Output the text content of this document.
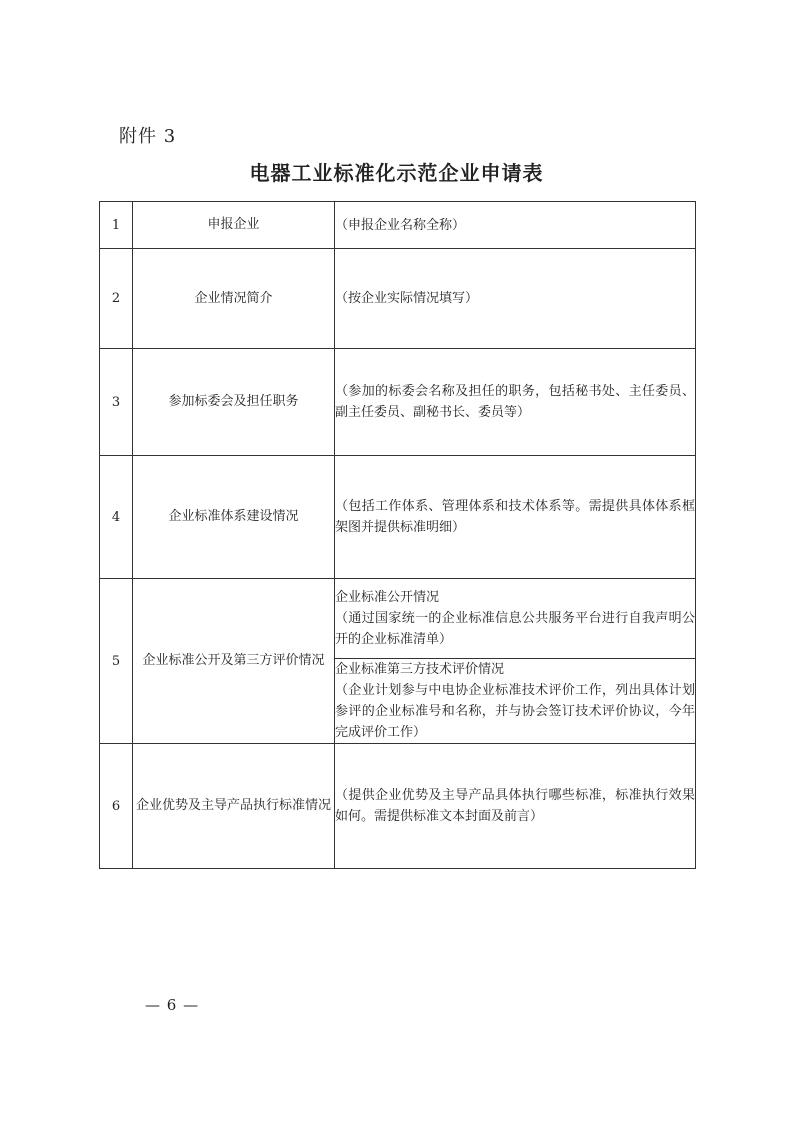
附件 3
电器工业标准化示范企业申请表
1	申报企业	（申报企业名称全称）
2	企业情况简介	（按企业实际情况填写）
3	参加标委会及担任职务	（参加的标委会名称及担任的职务，包括秘书处、主任委员、副主任委员、副秘书长、委员等）
4	企业标准体系建设情况	（包括工作体系、管理体系和技术体系等。需提供具体体系框架图并提供标准明细）
5	企业标准公开及第三方评价情况	企业标准公开情况
（通过国家统一的企业标准信息公共服务平台进行自我声明公开的企业标准清单）

		企业标准第三方技术评价情况
（企业计划参与中电协企业标准技术评价工作，列出具体计划参评的企业标准号和名称，并与协会签订技术评价协议，今年完成评价工作）

6	企业优势及主导产品执行标准情况	（提供企业优势及主导产品具体执行哪些标准，标准执行效果如何。需提供标准文本封面及前言）
— 6 —
